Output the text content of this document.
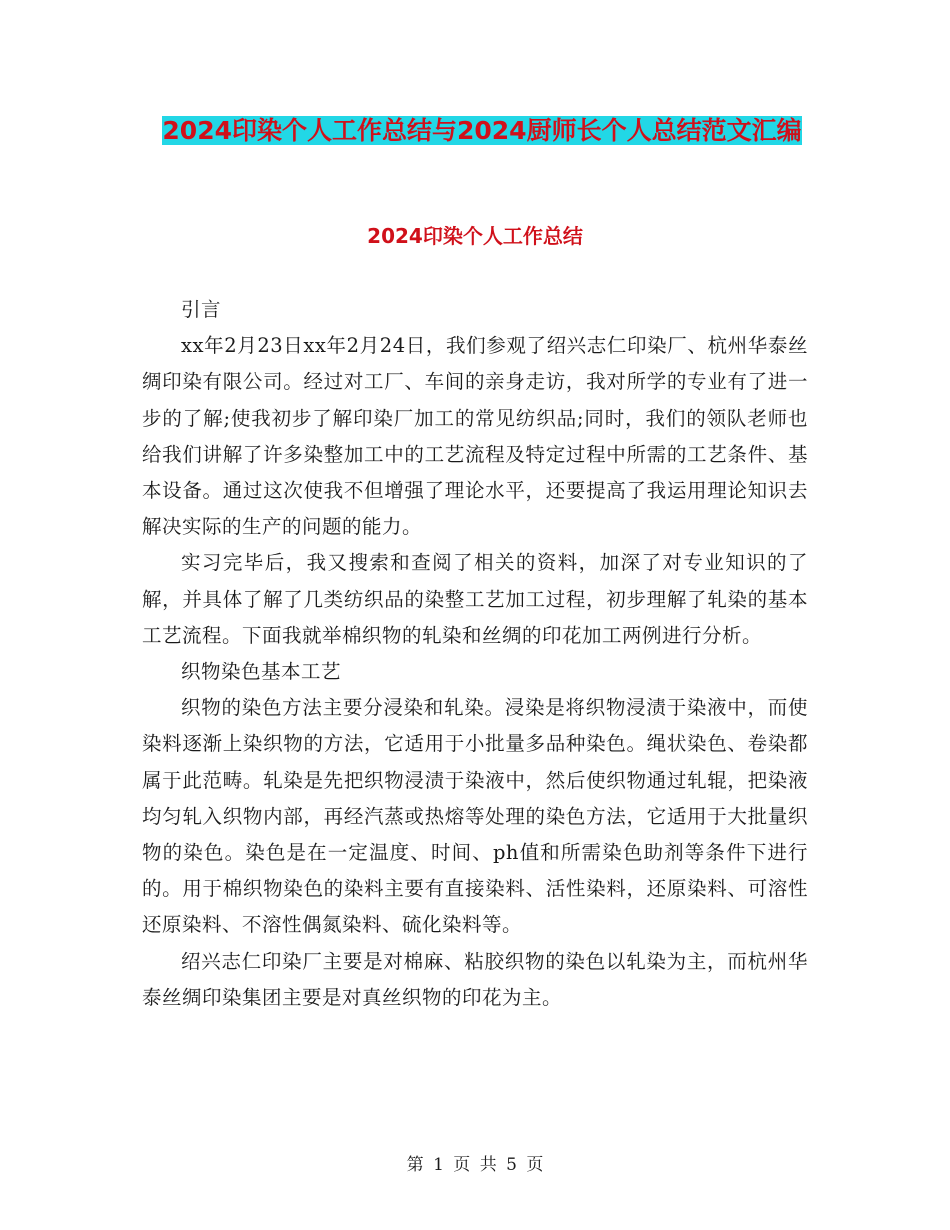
2024印染个人工作总结与2024厨师长个人总结范文汇编
2024印染个人工作总结

引言

xx年2月23日xx年2月24日，我们参观了绍兴志仁印染厂、杭州华泰丝绸印染有限公司。经过对工厂、车间的亲身走访，我对所学的专业有了进一步的了解;使我初步了解印染厂加工的常见纺织品;同时，我们的领队老师也给我们讲解了许多染整加工中的工艺流程及特定过程中所需的工艺条件、基本设备。通过这次使我不但增强了理论水平，还要提高了我运用理论知识去解决实际的生产的问题的能力。

实习完毕后，我又搜索和查阅了相关的资料，加深了对专业知识的了解，并具体了解了几类纺织品的染整工艺加工过程，初步理解了轧染的基本工艺流程。下面我就举棉织物的轧染和丝绸的印花加工两例进行分析。

织物染色基本工艺

织物的染色方法主要分浸染和轧染。浸染是将织物浸渍于染液中，而使染料逐渐上染织物的方法，它适用于小批量多品种染色。绳状染色、卷染都属于此范畴。轧染是先把织物浸渍于染液中，然后使织物通过轧辊，把染液均匀轧入织物内部，再经汽蒸或热熔等处理的染色方法，它适用于大批量织物的染色。染色是在一定温度、时间、ph值和所需染色助剂等条件下进行的。用于棉织物染色的染料主要有直接染料、活性染料，还原染料、可溶性还原染料、不溶性偶氮染料、硫化染料等。

绍兴志仁印染厂主要是对棉麻、粘胶织物的染色以轧染为主，而杭州华泰丝绸印染集团主要是对真丝织物的印花为主。

第 1 页 共 5 页
